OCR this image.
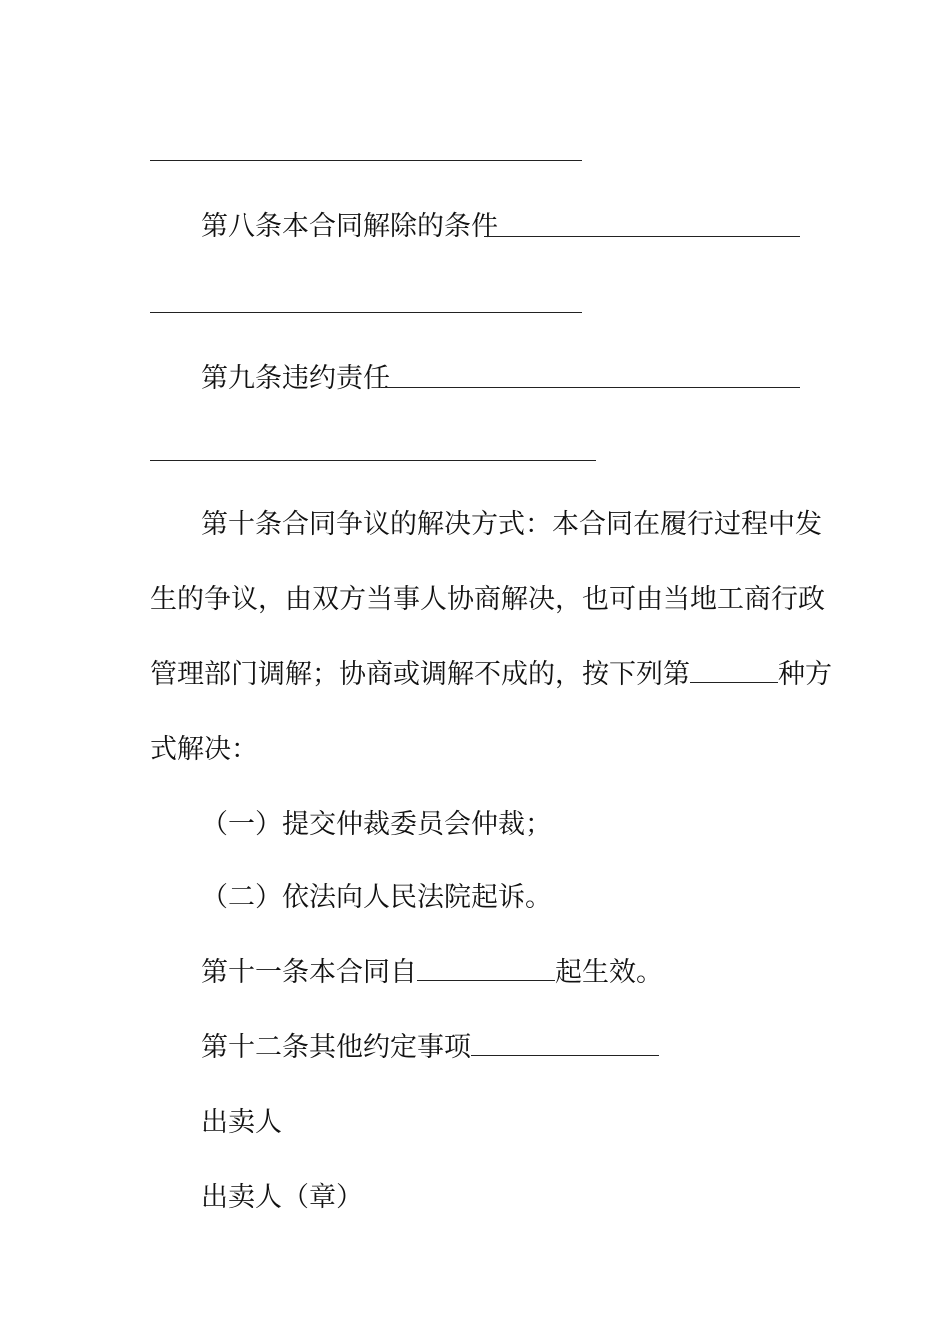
第八条本合同解除的条件
第九条违约责任
第十条合同争议的解决方式：本合同在履行过程中发
生的争议，由双方当事人协商解决，也可由当地工商行政
管理部门调解；协商或调解不成的，按下列第	种方
式解决：
（一）提交仲裁委员会仲裁；
（二）依法向人民法院起诉。
第十一条本合同自	起生效。
第十二条其他约定事项
出卖人
出卖人（章）
